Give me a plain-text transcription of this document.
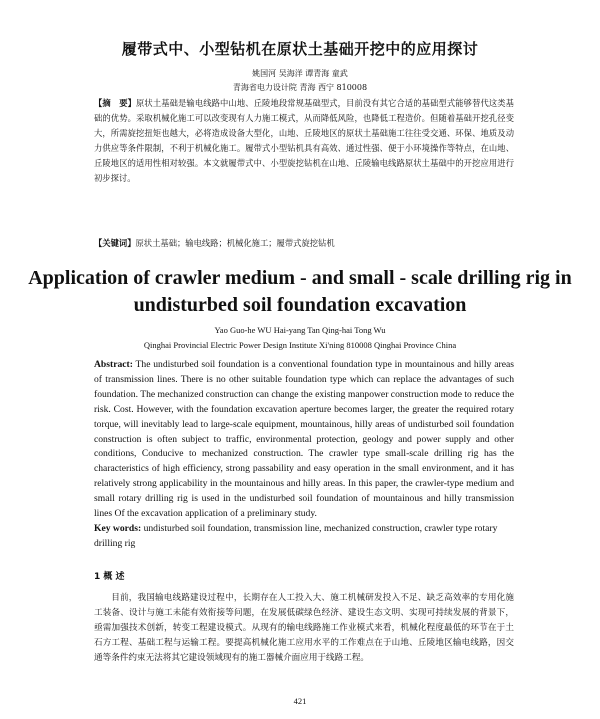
履带式中、小型钻机在原状土基础开挖中的应用探讨
姚国河 吴海洋 谭青海 童武
青海省电力设计院 青海 西宁 810008
【摘　要】原状土基础是输电线路中山地、丘陵地段常规基础型式，目前没有其它合适的基础型式能够替代这类基础的优势。采取机械化施工可以改变现有人力施工模式，从而降低风险，也降低工程造价。但随着基础开挖孔径变大，所需旋挖扭矩也越大，必将造成设备大型化，山地、丘陵地区的原状土基础施工往往受交通、环保、地质及动力供应等条件限制，不利于机械化施工。履带式小型钻机具有高效、通过性强、便于小环境操作等特点，在山地、丘陵地区的适用性相对较强。本文就履带式中、小型旋挖钻机在山地、丘陵输电线路原状土基础中的开挖应用进行初步探讨。
【关键词】原状土基础；输电线路；机械化施工；履带式旋挖钻机
Application of crawler medium - and small - scale drilling rig in undisturbed soil foundation excavation
Yao Guo-he WU Hai-yang Tan Qing-hai Tong Wu
Qinghai Provincial Electric Power Design Institute Xi'ning 810008 Qinghai Province China
Abstract: The undisturbed soil foundation is a conventional foundation type in mountainous and hilly areas of transmission lines. There is no other suitable foundation type which can replace the advantages of such foundation. The mechanized construction can change the existing manpower construction mode to reduce the risk. Cost. However, with the foundation excavation aperture becomes larger, the greater the required rotary torque, will inevitably lead to large-scale equipment, mountainous, hilly areas of undisturbed soil foundation construction is often subject to traffic, environmental protection, geology and power supply and other conditions, Conducive to mechanized construction. The crawler type small-scale drilling rig has the characteristics of high efficiency, strong passability and easy operation in the small environment, and it has relatively strong applicability in the mountainous and hilly areas. In this paper, the crawler-type medium and small rotary drilling rig is used in the undisturbed soil foundation of mountainous and hilly transmission lines Of the excavation application of a preliminary study.
Key words: undisturbed soil foundation, transmission line, mechanized construction, crawler type rotary drilling rig
1 概 述
目前，我国输电线路建设过程中，长期存在人工投入大、施工机械研发投入不足、缺乏高效率的专用化施工装备、设计与施工未能有效衔接等问题，在发展低碳绿色经济、建设生态文明、实现可持续发展的背景下，亟需加强技术创新，转变工程建设模式。从现有的输电线路施工作业模式来看，机械化程度最低的环节在于土石方工程、基础工程与运输工程。要提高机械化施工应用水平的工作难点在于山地、丘陵地区输电线路，因交通等条件约束无法将其它建设领域现有的施工器械介面应用于线路工程。
421
